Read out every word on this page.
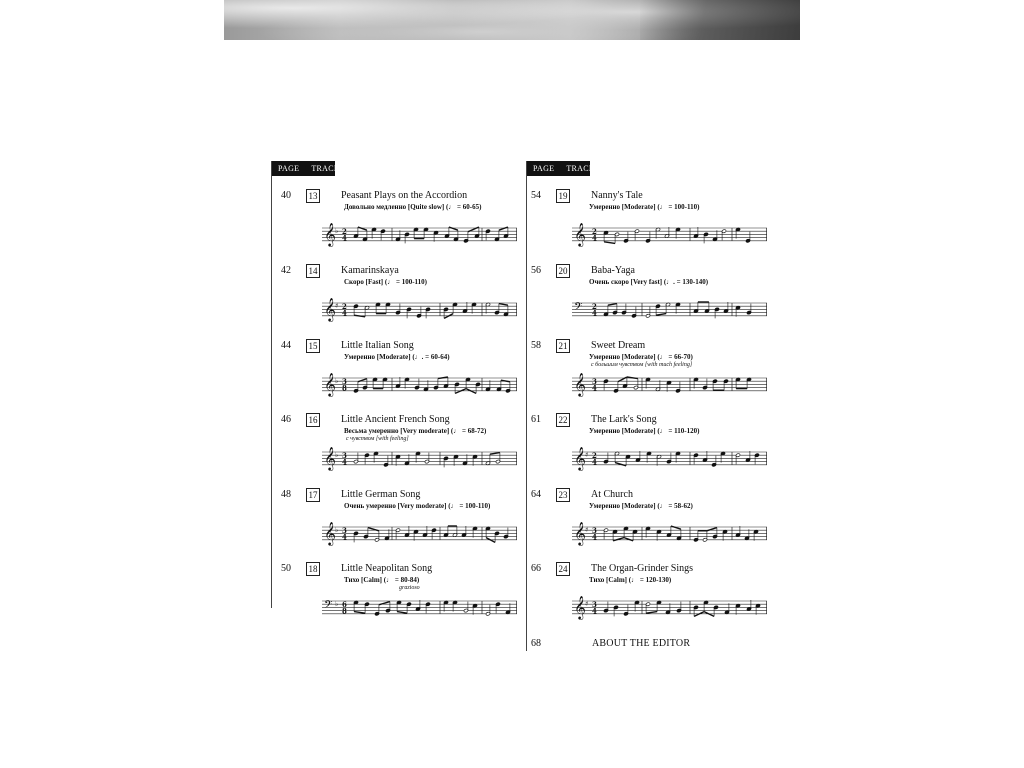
PAGE	TRACK	PAGE	TRACK
40 13 Peasant Plays on the Accordion
Довольно медленно [Quite slow] (♩ = 60-65)
𝄞 ♭ 2
4
42 14 Kamarinskaya
Скоро [Fast] (♩ = 100-110)
𝄞 ♯ 2
4
44 15 Little Italian Song
Умеренно [Moderate] (♩. = 60-64)
𝄞 ♭ 3
8
46 16 Little Ancient French Song
Весьма умеренно [Very moderate] (♩ = 68-72)
с чувством [with feeling]
𝄞 ♭ 3
4
48 17 Little German Song
Очень умеренно [Very moderate] (♩ = 100-110)
𝄞 ♭ 3
4
50 18 Little Neapolitan Song
Тихо [Calm] (♩ = 80-84)
grazioso
𝄢 ♭ 6
8
54 19 Nanny's Tale
Умеренно [Moderate] (♩ = 100-110)
𝄞 2
4
56 20 Baba-Yaga
Очень скоро [Very fast] (♩. = 130-140)
𝄢 2
4
58 21 Sweet Dream
Умеренно [Moderate] (♩ = 66-70)
с большим чувством [with much feeling]
𝄞 3
4
61 22 The Lark's Song
Умеренно [Moderate] (♩ = 110-120)
𝄞 ♯ 2
4
64 23 At Church
Умеренно [Moderate] (♩ = 58-62)
𝄞 ♯ 3
4
66 24 The Organ-Grinder Sings
Тихо [Calm] (♩ = 120-130)
𝄞 ♯ 3
4
68	ABOUT THE EDITOR
